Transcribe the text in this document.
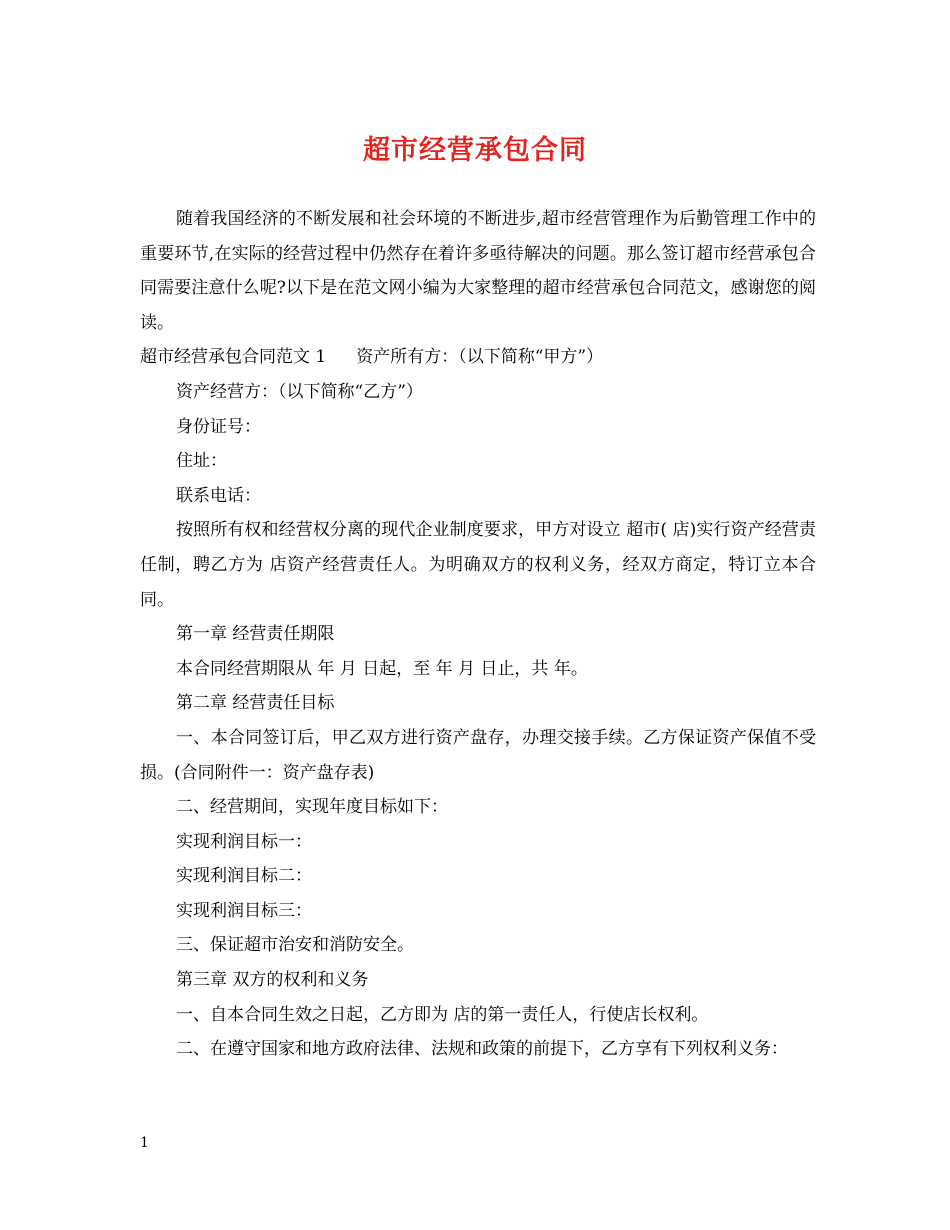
超市经营承包合同

随着我国经济的不断发展和社会环境的不断进步,超市经营管理作为后勤管理工作中的重要环节,在实际的经营过程中仍然存在着许多亟待解决的问题。那么签订超市经营承包合同需要注意什么呢?以下是在范文网小编为大家整理的超市经营承包合同范文，感谢您的阅读。

超市经营承包合同范文 1 资产所有方：（以下简称“甲方”）

资产经营方：（以下简称“乙方”）

身份证号：

住址：

联系电话：

按照所有权和经营权分离的现代企业制度要求，甲方对设立 超市( 店)实行资产经营责任制，聘乙方为 店资产经营责任人。为明确双方的权利义务，经双方商定，特订立本合同。

第一章 经营责任期限

本合同经营期限从 年 月 日起，至 年 月 日止，共 年。

第二章 经营责任目标

一、本合同签订后，甲乙双方进行资产盘存，办理交接手续。乙方保证资产保值不受损。(合同附件一：资产盘存表)

二、经营期间，实现年度目标如下：

实现利润目标一：

实现利润目标二：

实现利润目标三：

三、保证超市治安和消防安全。

第三章 双方的权利和义务

一、自本合同生效之日起，乙方即为 店的第一责任人，行使店长权利。

二、在遵守国家和地方政府法律、法规和政策的前提下，乙方享有下列权利义务：

1
